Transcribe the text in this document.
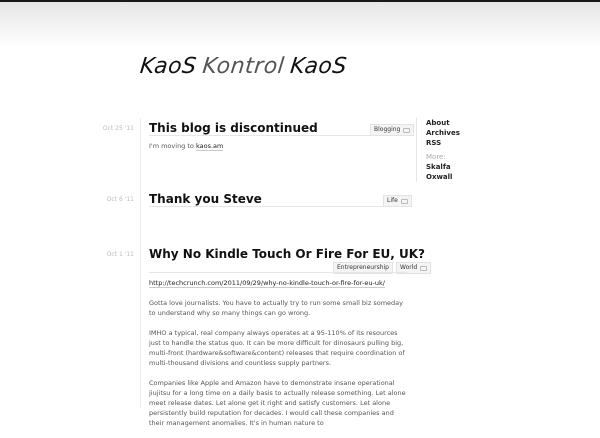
KaoS Kontrol KaoS
Oct 25 '11 This blog is discontinued	Blogging

I'm moving to kaos.am

Oct 6 '11 Thank you Steve	Life
Oct 1 '11 Why No Kindle Touch Or Fire For EU, UK?
Entrepreneurship World

http://techcrunch.com/2011/09/29/why-no-kindle-touch-or-fire-for-eu-uk/

Gotta love journalists. You have to actually try to run some small biz someday to understand why so many things can go wrong.

IMHO a typical, real company always operates at a 95-110% of its resources just to handle the status quo. It can be more difficult for dinosaurs pulling big, multi-front (hardware&software&content) releases that require coordination of multi-thousand divisions and countless supply partners.

Companies like Apple and Amazon have to demonstrate insane operational jiujitsu for a long time on a daily basis to actually release something. Let alone meet release dates. Let alone get it right and satisfy customers. Let alone persistently build reputation for decades. I would call these companies and their management anomalies. It's in human nature to

About
Archives
RSS
More:
Skalfa
Oxwall
